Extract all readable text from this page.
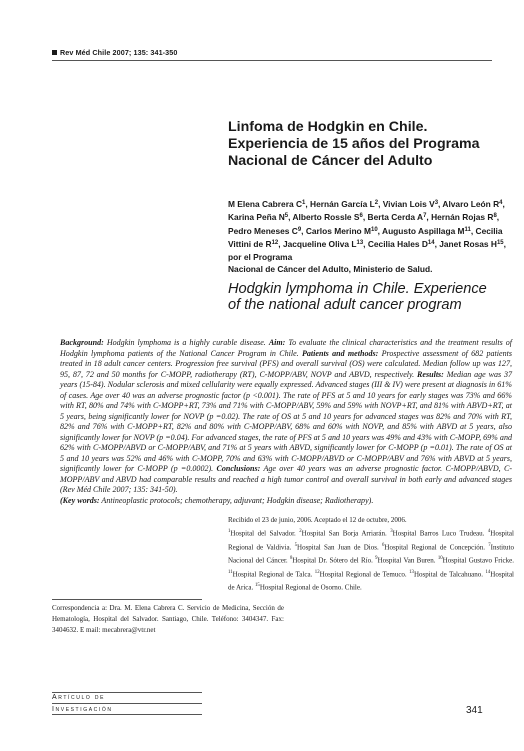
Rev Méd Chile 2007; 135: 341-350
Linfoma de Hodgkin en Chile. Experiencia de 15 años del Programa Nacional de Cáncer del Adulto
M Elena Cabrera C$^1$, Hernán García L$^2$, Vivian Lois V$^3$, Alvaro León R$^4$, Karina Peña N$^5$, Alberto Rossle S$^6$, Berta Cerda A$^7$, Hernán Rojas R$^8$, Pedro Meneses C$^9$, Carlos Merino M$^{10}$, Augusto Aspillaga M$^{11}$, Cecilia Vittini de R$^{12}$, Jacqueline Oliva L$^{13}$, Cecilia Hales D$^{14}$, Janet Rosas H$^{15}$, por el Programa
Nacional de Cáncer del Adulto, Ministerio de Salud.
Hodgkin lymphoma in Chile. Experience of the national adult cancer program
Background: Hodgkin lymphoma is a highly curable disease. Aim: To evaluate the clinical characteristics and the treatment results of Hodgkin lymphoma patients of the National Cancer Program in Chile. Patients and methods: Prospective assessment of 682 patients treated in 18 adult cancer centers. Progression free survival (PFS) and overall survival (OS) were calculated. Median follow up was 127, 95, 87, 72 and 50 months for C-MOPP, radiotherapy (RT), C-MOPP/ABV, NOVP and ABVD, respectively. Results: Median age was 37 years (15-84). Nodular sclerosis and mixed cellularity were equally expressed. Advanced stages (III & IV) were present at diagnosis in 61% of cases. Age over 40 was an adverse prognostic factor (p <0.001). The rate of PFS at 5 and 10 years for early stages was 73% and 66% with RT, 80% and 74% with C-MOPP+RT, 73% and 71% with C-MOPP/ABV, 59% and 59% with NOVP+RT, and 81% with ABVD+RT, at 5 years, being significantly lower for NOVP (p =0.02). The rate of OS at 5 and 10 years for advanced stages was 82% and 70% with RT, 82% and 76% with C-MOPP+RT, 82% and 80% with C-MOPP/ABV, 68% and 60% with NOVP, and 85% with ABVD at 5 years, also significantly lower for NOVP (p =0.04). For advanced stages, the rate of PFS at 5 and 10 years was 49% and 43% with C-MOPP, 69% and 62% with C-MOPP/ABVD or C-MOPP/ABV, and 71% at 5 years with ABVD, significantly lower for C-MOPP (p =0.01). The rate of OS at 5 and 10 years was 52% and 46% with C-MOPP, 70% and 63% with C-MOPP/ABVD or C-MOPP/ABV and 76% with ABVD at 5 years, significantly lower for C-MOPP (p =0.0002). Conclusions: Age over 40 years was an adverse prognostic factor. C-MOPP/ABVD, C-MOPP/ABV and ABVD had comparable results and reached a high tumor control and overall survival in both early and advanced stages (Rev Méd Chile 2007; 135: 341-50).
(Key words: Antineoplastic protocols; chemotherapy, adjuvant; Hodgkin disease; Radiotherapy).
Recibido el 23 de junio, 2006. Aceptado el 12 de octubre, 2006.
$^1$Hospital del Salvador. $^2$Hospital San Borja Arriarán. $^3$Hospital Barros Luco Trudeau. $^4$Hospital Regional de Valdivia. $^5$Hospital San Juan de Dios. $^6$Hospital Regional de Concepción. $^7$Instituto Nacional del Cáncer. $^8$Hospital Dr. Sótero del Río. $^9$Hospital Van Buren. $^{10}$Hospital Gustavo Fricke. $^{11}$Hospital Regional de Talca. $^{12}$Hospital Regional de Temuco. $^{13}$Hospital de Talcahuano. $^{14}$Hospital de Arica. $^{15}$Hospital Regional de Osorno. Chile.
Correspondencia a: Dra. M. Elena Cabrera C. Servicio de Medicina, Sección de Hematología, Hospital del Salvador. Santiago, Chile. Teléfono: 3404347. Fax: 3404632. E mail: mecabrera@vtr.net
Artículo de
Investigación	341
